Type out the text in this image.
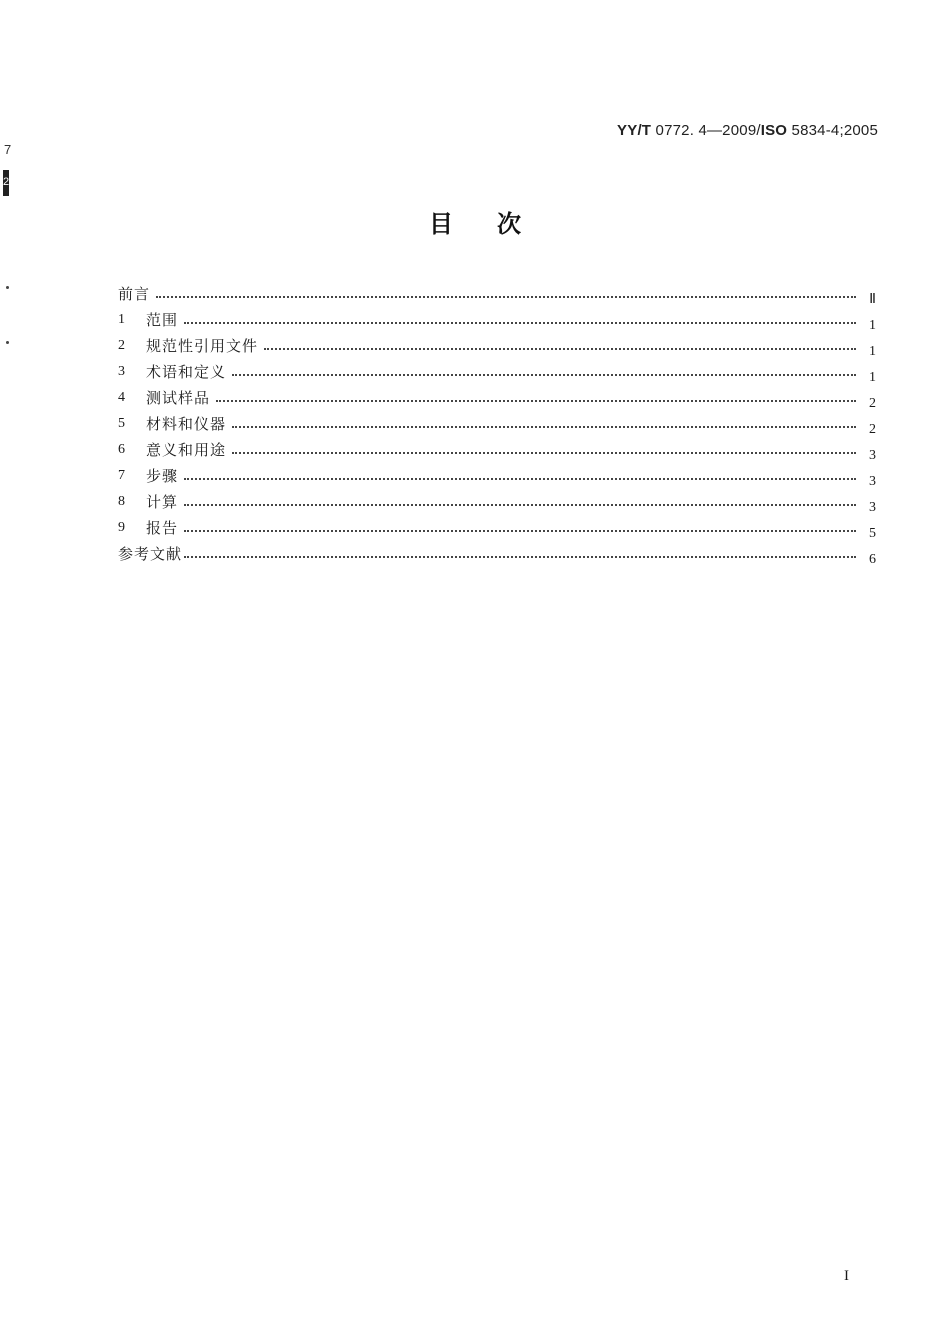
7
2
YY/T 0772. 4—2009/ISO 5834-4;2005
目次
前言	Ⅱ
1	范围	1
2	规范性引用文件	1
3	术语和定义	1
4	测试样品	2
5	材料和仪器	2
6	意义和用途	3
7	步骤	3
8	计算	3
9	报告	5
参考文献	6
I
